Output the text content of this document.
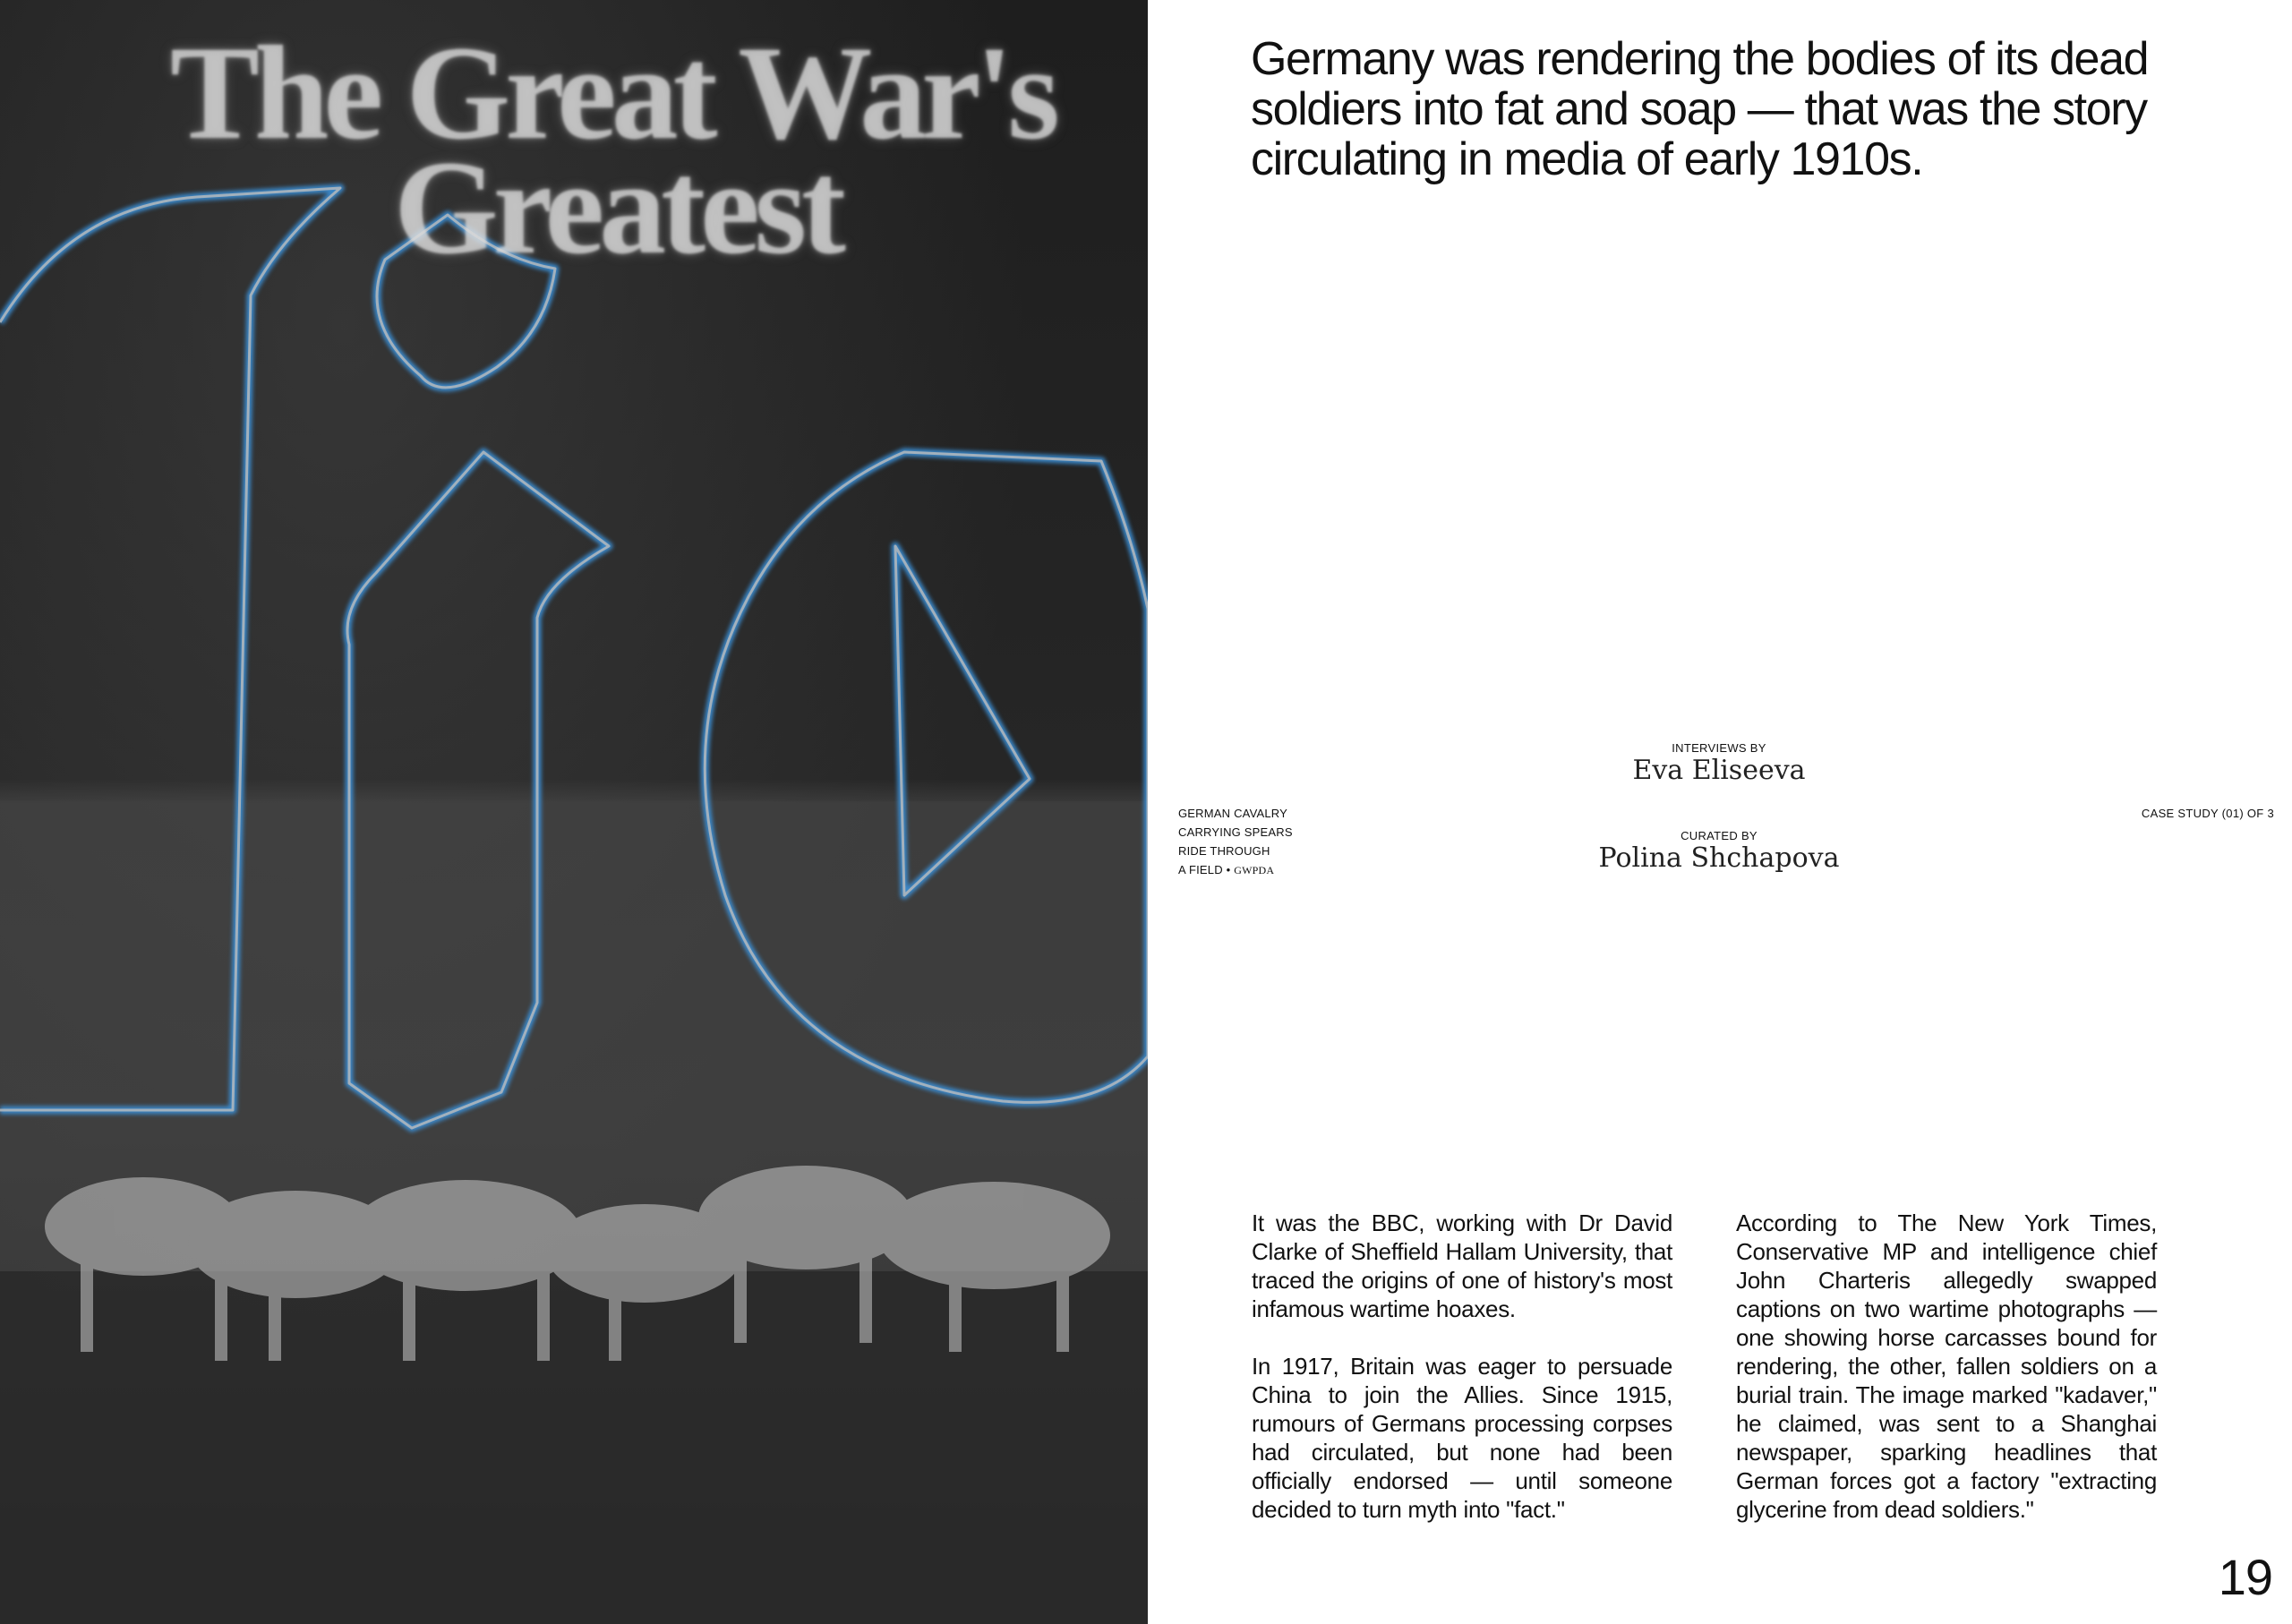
The Great War's
Greatest
Germany was rendering the bodies of its dead soldiers into fat and soap — that was the story circulating in media of early 1910s.
GERMAN CAVALRY
CARRYING SPEARS
RIDE THROUGH
A FIELD • GWPDA
INTERVIEWS BY
Eva Eliseeva
CURATED BY
Polina Shchapova
CASE STUDY (01) OF 3

It was the BBC, working with Dr David Clarke of Sheffield Hallam University, that traced the origins of one of history's most infamous wartime hoaxes.

In 1917, Britain was eager to persuade China to join the Allies. Since 1915, rumours of Germans processing corpses had circulated, but none had been officially endorsed — until someone decided to turn myth into "fact."

According to The New York Times, Conservative MP and intelligence chief John Charteris allegedly swapped captions on two wartime photographs — one showing horse carcasses bound for rendering, the other, fallen soldiers on a burial train. The image marked "kadaver," he claimed, was sent to a Shanghai newspaper, sparking headlines that German forces got a factory "extracting glycerine from dead soldiers."

19
